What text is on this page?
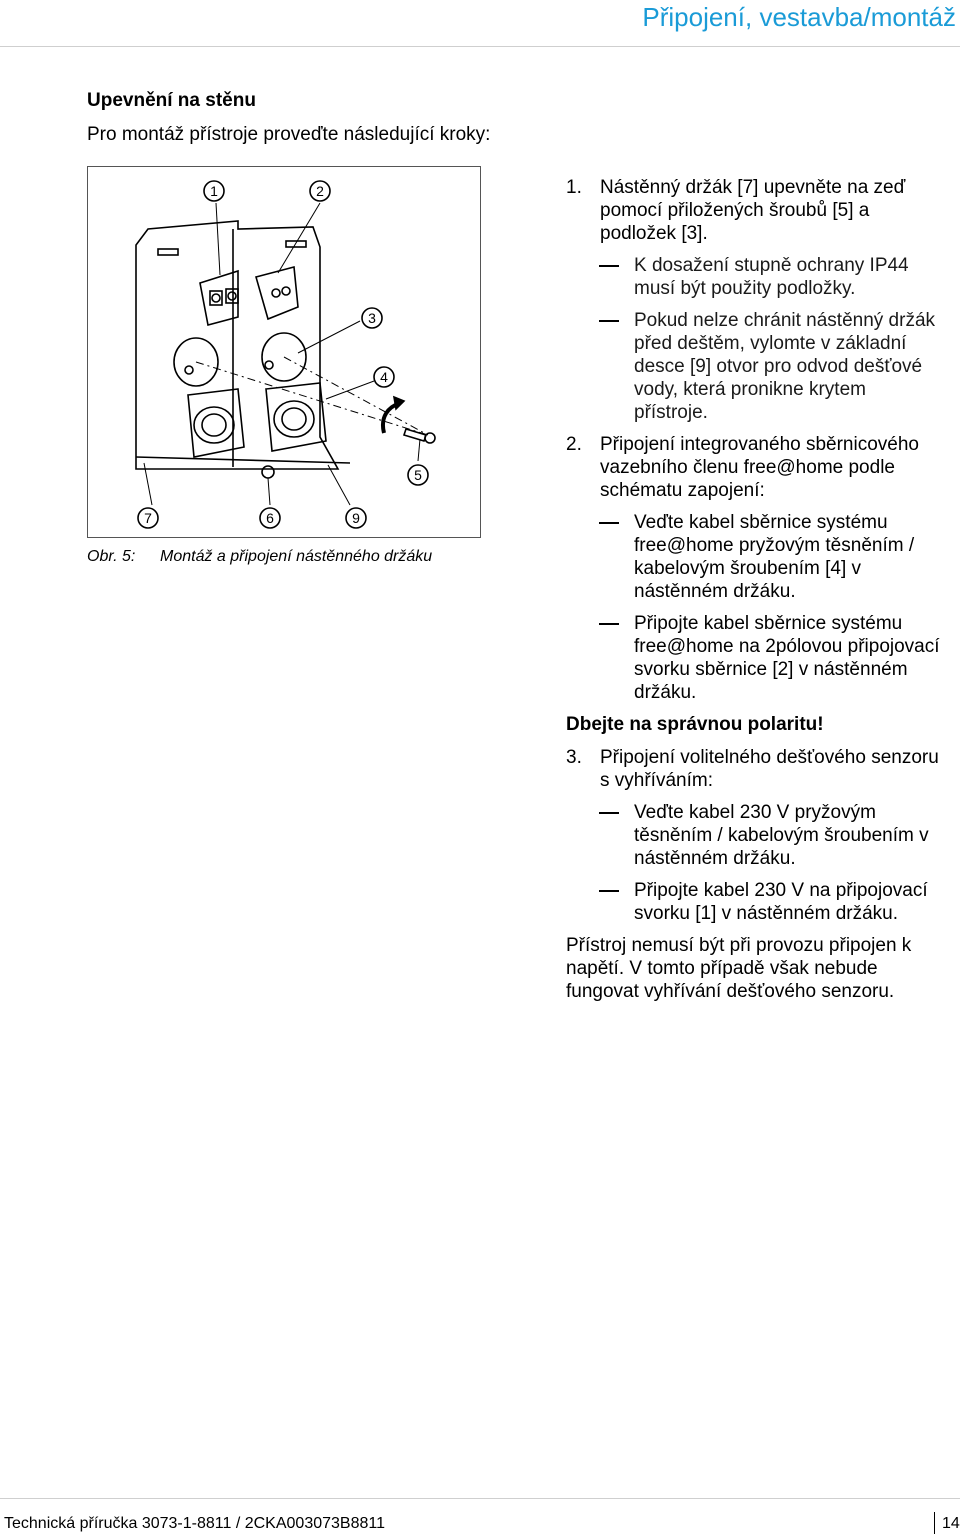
Připojení, vestavba/montáž
Upevnění na stěnu
Pro montáž přístroje proveďte následující kroky:
1	2
3
4
5
6
7	9
Obr. 5: Montáž a připojení nástěnného držáku
1. Nástěnný držák [7] upevněte na zeď pomocí přiložených šroubů [5] a podložek [3].
K dosažení stupně ochrany IP44 musí být použity podložky.
Pokud nelze chránit nástěnný držák před deštěm, vylomte v základní desce [9] otvor pro odvod dešťové vody, která pronikne krytem přístroje.
2. Připojení integrovaného sběrnicového vazebního členu free@home podle schématu zapojení:
Veďte kabel sběrnice systému free@home pryžovým těsněním / kabelovým šroubením [4] v nástěnném držáku.
Připojte kabel sběrnice systému free@home na 2pólovou připojovací svorku sběrnice [2] v nástěnném držáku.
Dbejte na správnou polaritu!
3. Připojení volitelného dešťového senzoru s vyhříváním:
Veďte kabel 230 V pryžovým těsněním / kabelovým šroubením v nástěnném držáku.
Připojte kabel 230 V na připojovací svorku [1] v nástěnném držáku.
Přístroj nemusí být při provozu připojen k napětí. V tomto případě však nebude fungovat vyhřívání dešťového senzoru.
Technická příručka 3073-1-8811 / 2CKA003073B8811	14
